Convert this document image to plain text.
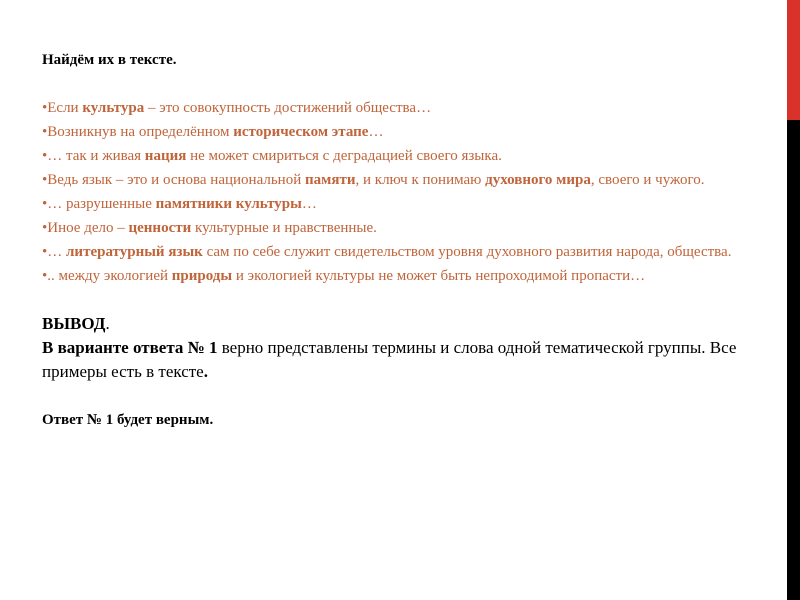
Найдём их в тексте.

•Если культура – это совокупность достижений общества…
•Возникнув на определённом историческом этапе…
•… так и живая нация не может смириться с деградацией своего языка.
•Ведь язык – это и основа национальной памяти, и ключ к понимаю духовного мира, своего и чужого.
•… разрушенные памятники культуры…
•Иное дело – ценности культурные и нравственные.
•… литературный язык сам по себе служит свидетельством уровня духовного развития народа, общества.
•.. между экологией природы и экологией культуры не может быть непроходимой пропасти…

ВЫВОД.

В варианте ответа № 1 верно представлены термины и слова одной тематической группы. Все примеры есть в тексте.

Ответ № 1 будет верным.
